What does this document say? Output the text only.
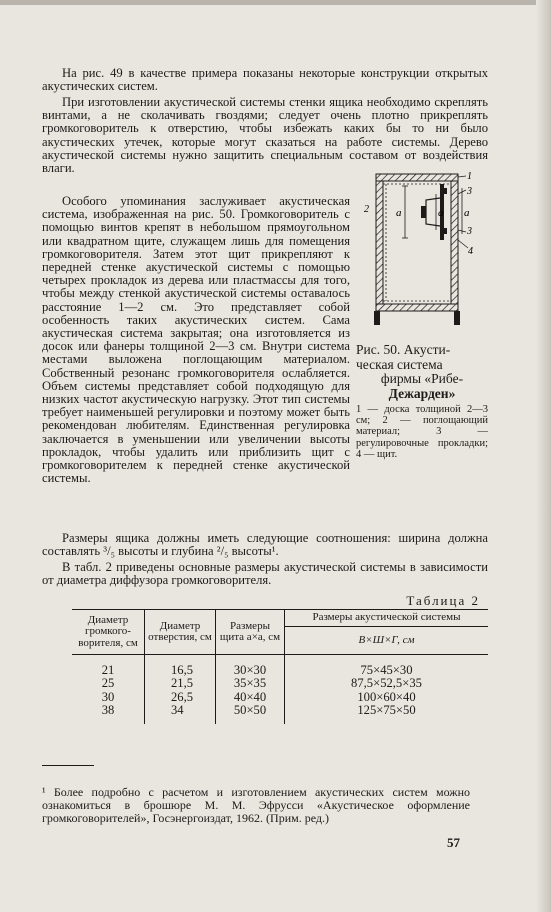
На рис. 49 в качестве примера показаны некоторые конструкции открытых акустических систем.

При изготовлении акустической системы стенки ящика необходимо скреплять винтами, а не сколачивать гвоздями; следует очень плотно прикреплять громкоговоритель к отверстию, чтобы избежать каких бы то ни было акустических утечек, которые могут сказаться на работе системы. Дерево акустической системы нужно защитить специальным составом от воздействия влаги.

Особого упоминания заслуживает акустическая система, изображенная на рис. 50. Громкоговоритель с помощью винтов крепят в небольшом прямоугольном или квадратном щите, служащем лишь для помещения громкоговорителя. Затем этот щит прикрепляют к передней стенке акустической системы с помощью четырех прокладок из дерева или пластмассы для того, чтобы между стенкой акустической системы оставалось расстояние 1—2 см. Это представляет собой особенность таких акустических систем. Сама акустическая система закрытая; она изготовляется из досок или фанеры толщиной 2—3 см. Внутри система местами выложена поглощающим материалом. Собственный резонанс громкоговорителя ослабляется. Объем системы представляет собой подходящую для низких частот акустическую нагрузку. Этот тип системы требует наименьшей регулировки и поэтому может быть рекомендован любителям. Единственная регулировка заключается в уменьшении или увеличении высоты прокладок, чтобы удалить или приблизить щит с громкоговорителем к передней стенке акустической системы.

Размеры ящика должны иметь следующие соотношения: ширина должна составлять ³/₅ высоты и глубина ²/₅ высоты¹.

В табл. 2 приведены основные размеры акустической системы в зависимости от диаметра диффузора громкоговорителя.

1
2
3
3
4
a	a a
Рис. 50. Акусти-
ческая система
фирмы «Рибе-
Дежарден»
1 — доска толщиной 2—3 см; 2 — поглощающий материал; 3 — регулировочные прокладки; 4 — щит.
Таблица 2
Диаметр громкого-ворителя, см	Диаметр отверстия, см	Размеры щита a×a, см	Размеры акустической системы
			В×Ш×Г, см
21	16,5	30×30	75×45×30
25	21,5	35×35	87,5×52,5×35
30	26,5	40×40	100×60×40
38	34	50×50	125×75×50

¹ Более подробно с расчетом и изготовлением акустических систем можно ознакомиться в брошюре М. М. Эфрусси «Акустическое оформление громкоговорителей», Госэнергоиздат, 1962. (Прим. ред.)

57
